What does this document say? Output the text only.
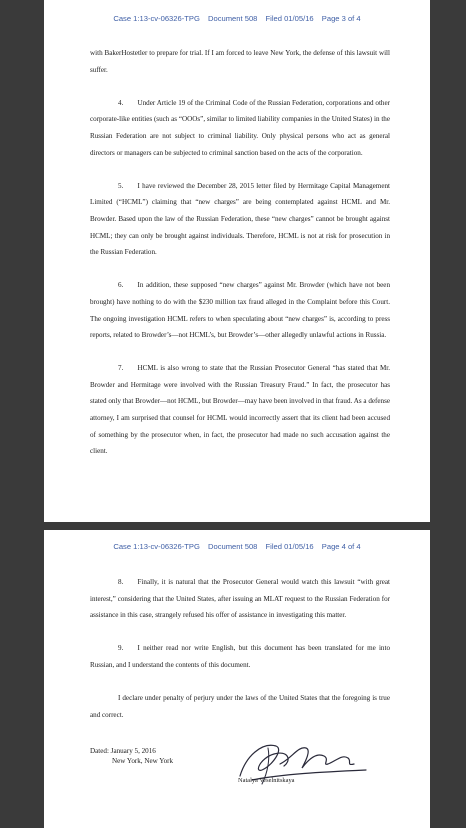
Case 1:13-cv-06326-TPG Document 508 Filed 01/05/16 Page 3 of 4

with BakerHostetler to prepare for trial. If I am forced to leave New York, the defense of this lawsuit will suffer.

4.  Under Article 19 of the Criminal Code of the Russian Federation, corporations and other corporate-like entities (such as “OOOs”, similar to limited liability companies in the United States) in the Russian Federation are not subject to criminal liability. Only physical persons who act as general directors or managers can be subjected to criminal sanction based on the acts of the corporation.

5.  I have reviewed the December 28, 2015 letter filed by Hermitage Capital Management Limited (“HCML”) claiming that “new charges” are being contemplated against HCML and Mr. Browder. Based upon the law of the Russian Federation, these “new charges” cannot be brought against HCML; they can only be brought against individuals. Therefore, HCML is not at risk for prosecution in the Russian Federation.

6.  In addition, these supposed “new charges” against Mr. Browder (which have not been brought) have nothing to do with the $230 million tax fraud alleged in the Complaint before this Court. The ongoing investigation HCML refers to when speculating about “new charges” is, according to press reports, related to Browder’s—not HCML’s, but Browder’s—other allegedly unlawful actions in Russia.

7.  HCML is also wrong to state that the Russian Prosecutor General “has stated that Mr. Browder and Hermitage were involved with the Russian Treasury Fraud.” In fact, the prosecutor has stated only that Browder—not HCML, but Browder—may have been involved in that fraud. As a defense attorney, I am surprised that counsel for HCML would incorrectly assert that its client had been accused of something by the prosecutor when, in fact, the prosecutor had made no such accusation against the client.

Case 1:13-cv-06326-TPG Document 508 Filed 01/05/16 Page 4 of 4

8.  Finally, it is natural that the Prosecutor General would watch this lawsuit “with great interest,” considering that the United States, after issuing an MLAT request to the Russian Federation for assistance in this case, strangely refused his offer of assistance in investigating this matter.

9.  I neither read nor write English, but this document has been translated for me into Russian, and I understand the contents of this document.

I declare under penalty of perjury under the laws of the United States that the foregoing is true and correct.

Dated: January 5, 2016
New York, New York
Natalya Veselnitskaya
